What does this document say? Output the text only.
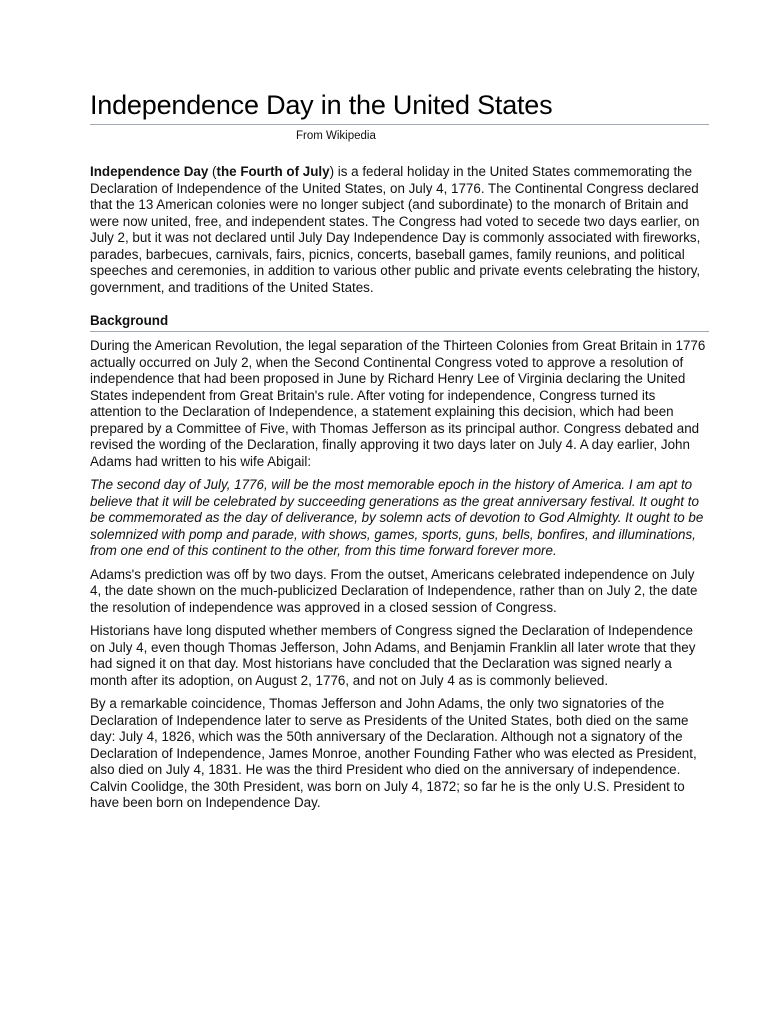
Independence Day in the United States
From Wikipedia
Independence Day (the Fourth of July) is a federal holiday in the United States commemorating the Declaration of Independence of the United States, on July 4, 1776. The Continental Congress declared that the 13 American colonies were no longer subject (and subordinate) to the monarch of Britain and were now united, free, and independent states. The Congress had voted to secede two days earlier, on July 2, but it was not declared until July Day Independence Day is commonly associated with fireworks, parades, barbecues, carnivals, fairs, picnics, concerts, baseball games, family reunions, and political speeches and ceremonies, in addition to various other public and private events celebrating the history, government, and traditions of the United States.
Background

During the American Revolution, the legal separation of the Thirteen Colonies from Great Britain in 1776 actually occurred on July 2, when the Second Continental Congress voted to approve a resolution of independence that had been proposed in June by Richard Henry Lee of Virginia declaring the United States independent from Great Britain's rule. After voting for independence, Congress turned its attention to the Declaration of Independence, a statement explaining this decision, which had been prepared by a Committee of Five, with Thomas Jefferson as its principal author. Congress debated and revised the wording of the Declaration, finally approving it two days later on July 4. A day earlier, John Adams had written to his wife Abigail:

The second day of July, 1776, will be the most memorable epoch in the history of America. I am apt to believe that it will be celebrated by succeeding generations as the great anniversary festival. It ought to be commemorated as the day of deliverance, by solemn acts of devotion to God Almighty. It ought to be solemnized with pomp and parade, with shows, games, sports, guns, bells, bonfires, and illuminations, from one end of this continent to the other, from this time forward forever more.

Adams's prediction was off by two days. From the outset, Americans celebrated independence on July 4, the date shown on the much-publicized Declaration of Independence, rather than on July 2, the date the resolution of independence was approved in a closed session of Congress.

Historians have long disputed whether members of Congress signed the Declaration of Independence on July 4, even though Thomas Jefferson, John Adams, and Benjamin Franklin all later wrote that they had signed it on that day. Most historians have concluded that the Declaration was signed nearly a month after its adoption, on August 2, 1776, and not on July 4 as is commonly believed.

By a remarkable coincidence, Thomas Jefferson and John Adams, the only two signatories of the Declaration of Independence later to serve as Presidents of the United States, both died on the same day: July 4, 1826, which was the 50th anniversary of the Declaration. Although not a signatory of the Declaration of Independence, James Monroe, another Founding Father who was elected as President, also died on July 4, 1831. He was the third President who died on the anniversary of independence. Calvin Coolidge, the 30th President, was born on July 4, 1872; so far he is the only U.S. President to have been born on Independence Day.
